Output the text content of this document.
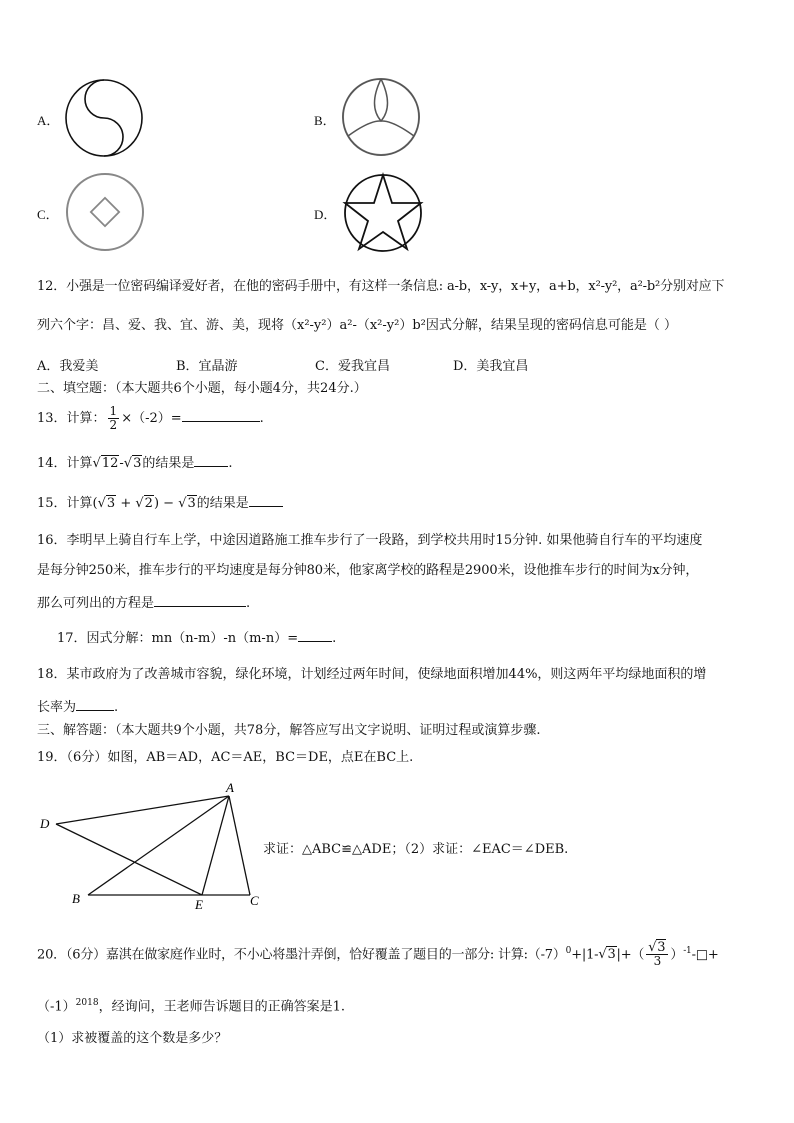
A．	B．
C．	D．
12．小强是一位密码编译爱好者，在他的密码手册中，有这样一条信息: a-b，x-y，x+y，a+b，x²-y²，a²-b²分别对应下
列六个字：昌、爱、我、宜、游、美，现将（x²-y²）a²-（x²-y²）b²因式分解，结果呈现的密码信息可能是（ ）
A．我爱美	B．宜晶游	C．爱我宜昌	D．美我宜昌
二、填空题：（本大题共6个小题，每小题4分，共24分.）
13．计算： $\frac{1}{2} \times(-2)=$	.
14．计算√12-√3的结果是	.
15．计算(√3 + √2) − √3的结果是
16．李明早上骑自行车上学，中途因道路施工推车步行了一段路，到学校共用时15分钟. 如果他骑自行车的平均速度
是每分钟250米，推车步行的平均速度是每分钟80米，他家离学校的路程是2900米，设他推车步行的时间为x分钟，
那么可列出的方程是	.
17．因式分解：mn（n-m）-n（m-n）=	.
18．某市政府为了改善城市容貌，绿化环境，计划经过两年时间，使绿地面积增加44%，则这两年平均绿地面积的增
长率为	.
三、解答题：（本大题共9个小题，共78分，解答应写出文字说明、证明过程或演算步骤.
19．（6分）如图，AB＝AD，AC＝AE，BC＝DE，点E在BC上.
A
D
B	E	C
求证：△ABC≌△ADE；（2）求证：∠EAC＝∠DEB.
20．（6分）嘉淇在做家庭作业时，不小心将墨汁弄倒，恰好覆盖了题目的一部分: 计算$:(-7)^0+|1-√3|+( \frac{√3}{3}$ ）$^{-1}$-□+
$(-1)^{2018}$，经询问，王老师告诉题目的正确答案是1.
（1）求被覆盖的这个数是多少？
